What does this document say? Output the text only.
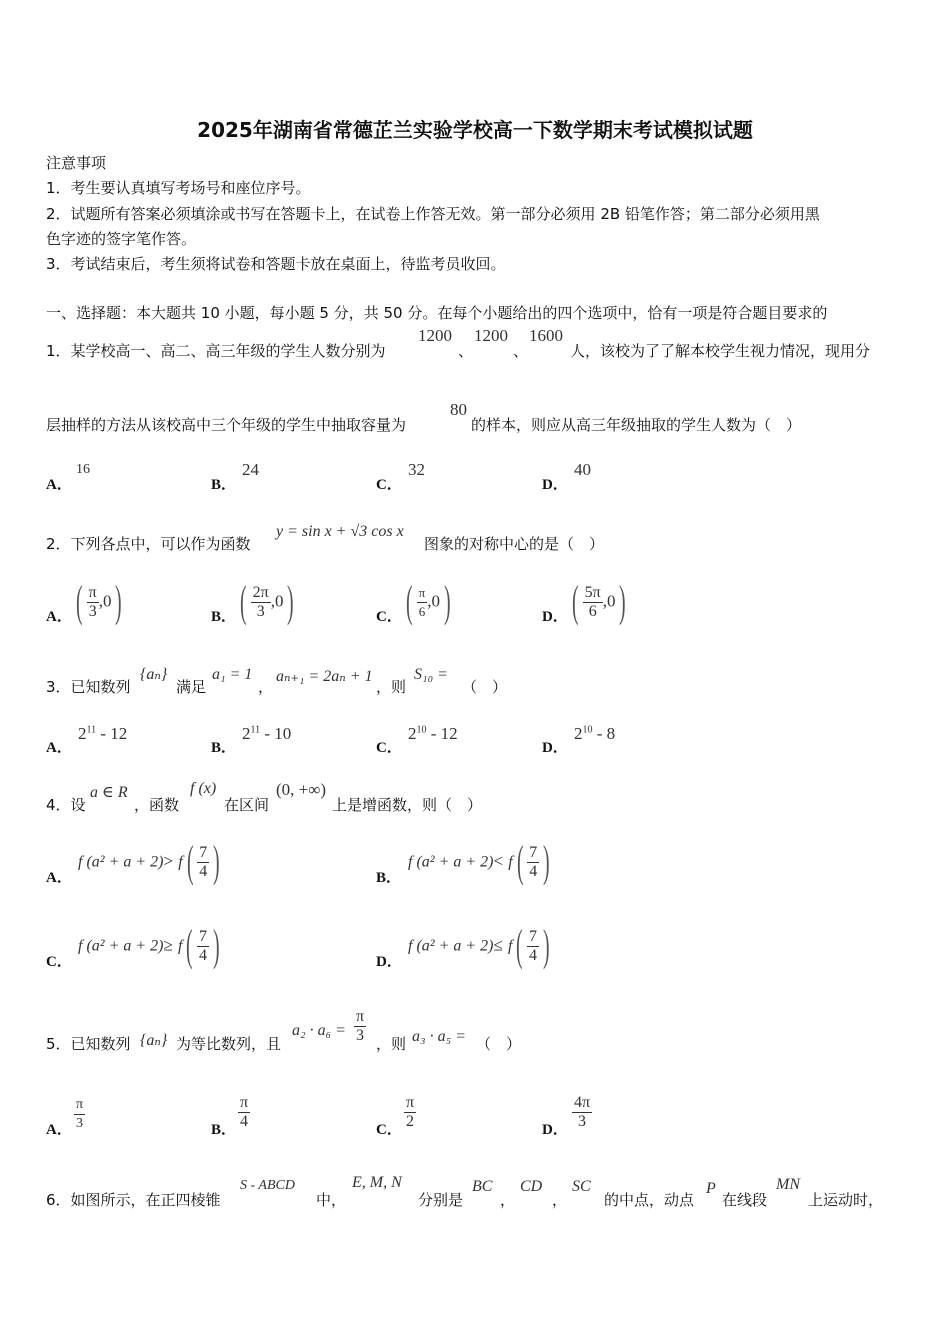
2025年湖南省常德芷兰实验学校高一下数学期末考试模拟试题
注意事项
1．考生要认真填写考场号和座位序号。
2．试题所有答案必须填涂或书写在答题卡上，在试卷上作答无效。第一部分必须用 2B 铅笔作答；第二部分必须用黑
色字迹的签字笔作答。
3．考试结束后，考生须将试卷和答题卡放在桌面上，待监考员收回。
一、选择题：本大题共 10 小题，每小题 5 分，共 50 分。在每个小题给出的四个选项中，恰有一项是符合题目要求的
1．某学校高一、高二、高三年级的学生人数分别为
1200
、
1200
、
1600
人，该校为了了解本校学生视力情况，现用分
层抽样的方法从该校高中三个年级的学生中抽取容量为
80
的样本，则应从高三年级抽取的学生人数为（　）
A．
16
B．
24
C．
32
D．
40
2．下列各点中，可以作为函数
y = sin x + √3 cos x
图象的对称中心的是（　）
A． ( $\frac{\pi}{3} ,0$)	B． ( $\frac{2\pi}{3} ,0$)	C． ( $\frac{\pi}{6} ,0$)	D． ( $\frac{5\pi}{6} ,0$)
3．已知数列
{aₙ}
满足
a₁ = 1
，
aₙ₊₁ = 2aₙ + 1
，则
S₁₀ =
（　）
A．
$2^{11} - 12$
B．
$2^{11} - 10$
C．
$2^{10} - 12$
D．
$2^{10} - 8$
4．设
a ∈ R
，函数
f (x)
在区间
(0, +∞)
上是增函数，则（　）
A．
f $(a^2 + a + 2)> f( \frac{7}{4}$ )	B．
f $(a^2 + a + 2)< f( \frac{7}{4}$ )
C．
f $(a^2 + a + 2)\ge f( \frac{7}{4}$ )	D．
f $(a^2 + a + 2)\le f( \frac{7}{4}$ )
5．已知数列 {aₙ} 为等比数列，且
$a_2 \cdot a_6 = \frac{\pi}{3}$ ，则 a₃ · a₅ = （　）
A． $\frac{\pi}{3}$	B． $\frac{\pi}{4}$	C． $\frac{\pi}{2}$	D． $\frac{4\pi}{3}$
6．如图所示，在正四棱锥
S - ABCD
中，
E, M, N
分别是
BC
，
CD
，
SC
的中点，动点
P
在线段
MN
上运动时，
